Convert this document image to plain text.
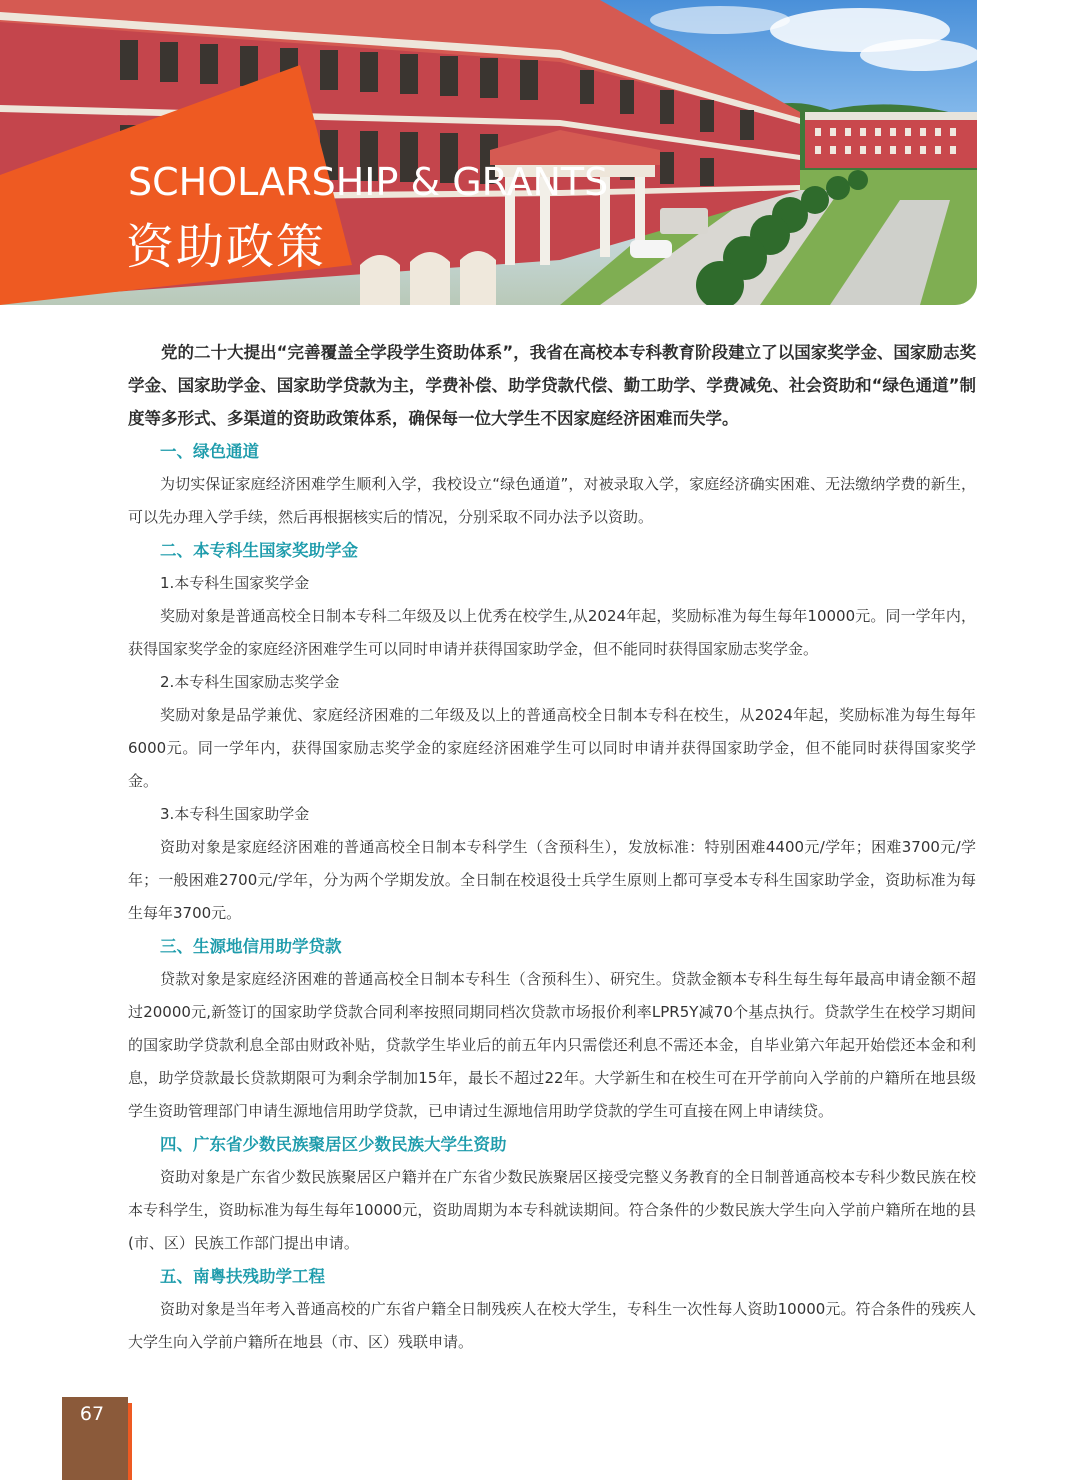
SCHOLARSHIP & GRANTS
资助政策

党的二十大提出“完善覆盖全学段学生资助体系”，我省在高校本专科教育阶段建立了以国家奖学金、国家励志奖学金、国家助学金、国家助学贷款为主，学费补偿、助学贷款代偿、勤工助学、学费减免、社会资助和“绿色通道”制度等多形式、多渠道的资助政策体系，确保每一位大学生不因家庭经济困难而失学。

一、绿色通道

为切实保证家庭经济困难学生顺利入学，我校设立“绿色通道”，对被录取入学，家庭经济确实困难、无法缴纳学费的新生，可以先办理入学手续，然后再根据核实后的情况，分别采取不同办法予以资助。

二、本专科生国家奖助学金

1.本专科生国家奖学金

奖励对象是普通高校全日制本专科二年级及以上优秀在校学生,从2024年起，奖励标准为每生每年10000元。同一学年内，获得国家奖学金的家庭经济困难学生可以同时申请并获得国家助学金，但不能同时获得国家励志奖学金。

2.本专科生国家励志奖学金

奖励对象是品学兼优、家庭经济困难的二年级及以上的普通高校全日制本专科在校生，从2024年起，奖励标准为每生每年6000元。同一学年内，获得国家励志奖学金的家庭经济困难学生可以同时申请并获得国家助学金，但不能同时获得国家奖学金。

3.本专科生国家助学金

资助对象是家庭经济困难的普通高校全日制本专科学生（含预科生），发放标准：特别困难4400元/学年；困难3700元/学年；一般困难2700元/学年，分为两个学期发放。全日制在校退役士兵学生原则上都可享受本专科生国家助学金，资助标准为每生每年3700元。

三、生源地信用助学贷款

贷款对象是家庭经济困难的普通高校全日制本专科生（含预科生）、研究生。贷款金额本专科生每生每年最高申请金额不超过20000元,新签订的国家助学贷款合同利率按照同期同档次贷款市场报价利率LPR5Y减70个基点执行。贷款学生在校学习期间的国家助学贷款利息全部由财政补贴，贷款学生毕业后的前五年内只需偿还利息不需还本金，自毕业第六年起开始偿还本金和利息，助学贷款最长贷款期限可为剩余学制加15年，最长不超过22年。大学新生和在校生可在开学前向入学前的户籍所在地县级学生资助管理部门申请生源地信用助学贷款，已申请过生源地信用助学贷款的学生可直接在网上申请续贷。

四、广东省少数民族聚居区少数民族大学生资助

资助对象是广东省少数民族聚居区户籍并在广东省少数民族聚居区接受完整义务教育的全日制普通高校本专科少数民族在校本专科学生，资助标准为每生每年10000元，资助周期为本专科就读期间。符合条件的少数民族大学生向入学前户籍所在地的县(市、区）民族工作部门提出申请。

五、南粤扶残助学工程

资助对象是当年考入普通高校的广东省户籍全日制残疾人在校大学生，专科生一次性每人资助10000元。符合条件的残疾人大学生向入学前户籍所在地县（市、区）残联申请。

67
